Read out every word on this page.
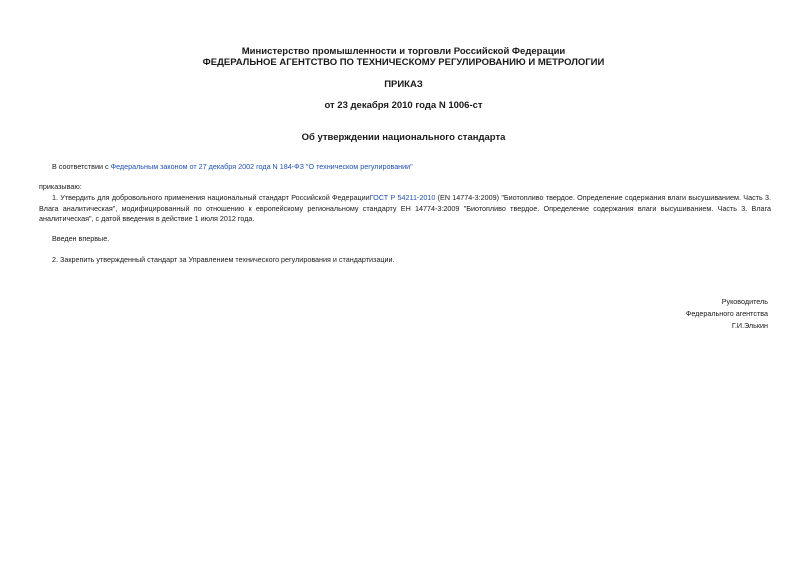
Министерство промышленности и торговли Российской Федерации
ФЕДЕРАЛЬНОЕ АГЕНТСТВО ПО ТЕХНИЧЕСКОМУ РЕГУЛИРОВАНИЮ И МЕТРОЛОГИИ
ПРИКАЗ
от 23 декабря 2010 года N 1006-ст
Об утверждении национального стандарта
В соответствии с Федеральным законом от 27 декабря 2002 года N 184-ФЗ "О техническом регулировании"
приказываю:
1. Утвердить для добровольного применения национальный стандарт Российской ФедерацииГОСТ Р 54211-2010 (EN 14774-3:2009) "Биотопливо твердое. Определение содержания влаги высушиванием. Часть 3. Влага аналитическая", модифицированный по отношению к европейскому региональному стандарту ЕН 14774-3:2009 "Биотопливо твердое. Определение содержания влаги высушиванием. Часть 3. Влага аналитическая", с датой введения в действие 1 июля 2012 года.
Введен впервые.
2. Закрепить утвержденный стандарт за Управлением технического регулирования и стандартизации.
Руководитель
Федерального агентства
Г.И.Элькин
